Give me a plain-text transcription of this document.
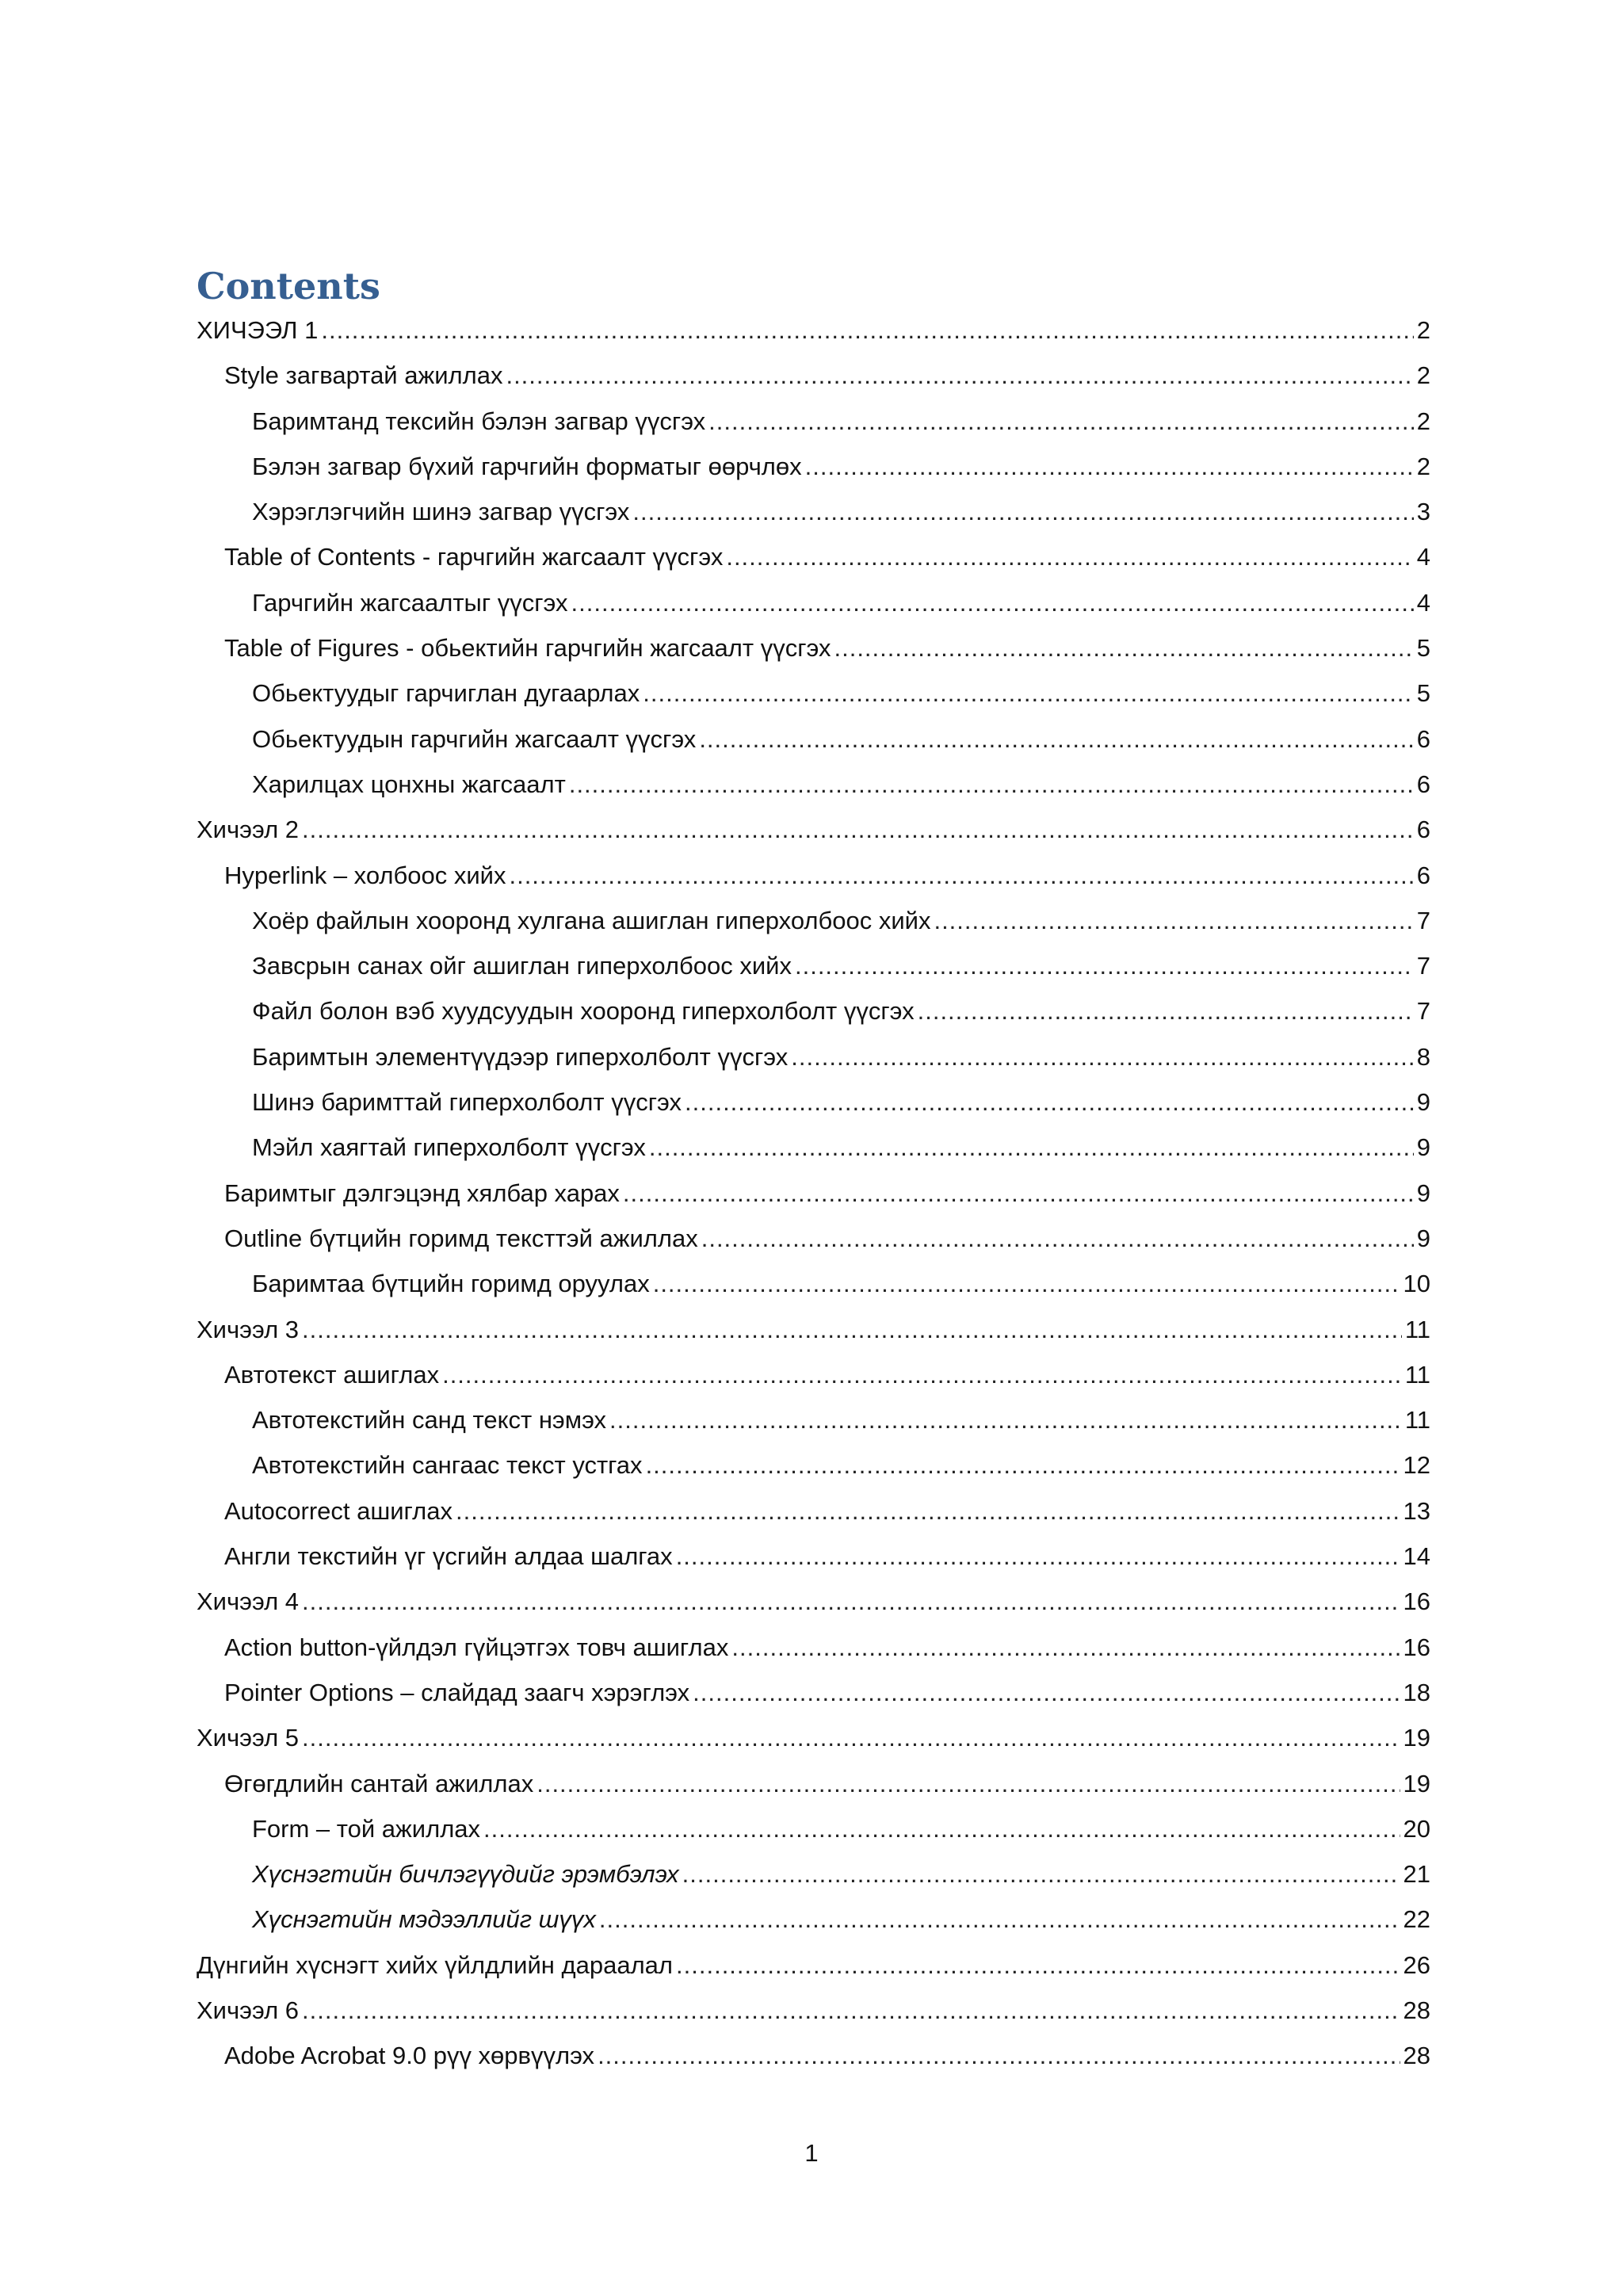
Contents
ХИЧЭЭЛ 1 .....	2
Style загвартай ажиллах .....	2
Баримтанд тексийн бэлэн загвар үүсгэх .....	2
Бэлэн загвар бүхий гарчгийн форматыг өөрчлөх .....	2
Хэрэглэгчийн шинэ загвар үүсгэх .....	3
Table of Contents - гарчгийн жагсаалт үүсгэх .....	4
Гарчгийн жагсаалтыг үүсгэх .....	4
Table of Figures - обьектийн гарчгийн жагсаалт үүсгэх .....	5
Обьектуудыг гарчиглан дугаарлах .....	5
Обьектуудын гарчгийн жагсаалт үүсгэх .....	6
Харилцах цонхны жагсаалт .....	6
Хичээл 2 .....	6
Hyperlink – холбоос хийх .....	6
Хоёр файлын хооронд хулгана ашиглан гиперхолбоос хийх .....	7
Завсрын санах ойг ашиглан гиперхолбоос хийх .....	7
Файл болон вэб хуудсуудын хооронд гиперхолболт үүсгэх .....	7
Баримтын элементүүдээр гиперхолболт үүсгэх .....	8
Шинэ баримттай гиперхолболт үүсгэх .....	9
Мэйл хаягтай гиперхолболт үүсгэх .....	9
Баримтыг дэлгэцэнд хялбар харах .....	9
Outline бүтцийн горимд тексттэй ажиллах .....	9
Баримтаа бүтцийн горимд оруулах .....	10
Хичээл 3 .....	11
Автотекст ашиглах .....	11
Автотекстийн санд текст нэмэх .....	11
Автотекстийн сангаас текст устгах .....	12
Autocorrect ашиглах .....	13
Англи текстийн үг үсгийн алдаа шалгах .....	14
Хичээл 4 .....	16
Action button-үйлдэл гүйцэтгэх товч ашиглах .....	16
Pointer Options – слайдад заагч хэрэглэх .....	18
Хичээл 5 .....	19
Өгөгдлийн сантай ажиллах .....	19
Form – той ажиллах .....	20
Хүснэгтийн бичлэгүүдийг эрэмбэлэх .....	21
Хүснэгтийн мэдээллийг шүүх .....	22
Дүнгийн хүснэгт хийх үйлдлийн дараалал .....	26
Хичээл 6 .....	28
Adobe Acrobat 9.0 рүү хөрвүүлэх .....	28
1
